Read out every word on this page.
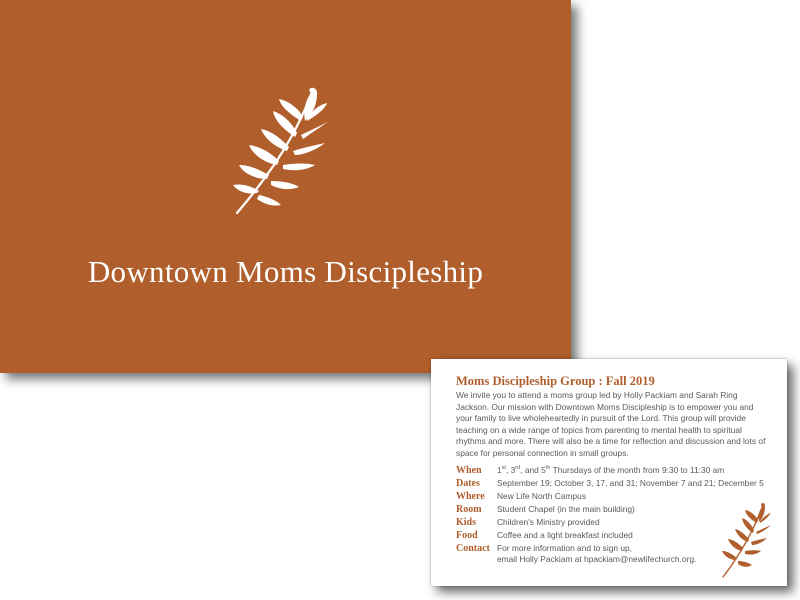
Downtown Moms Discipleship
Moms Discipleship Group : Fall 2019
We invite you to attend a moms group led by Holly Packiam and Sarah Ring Jackson. Our mission with Downtown Moms Discipleship is to empower you and your family to live wholeheartedly in pursuit of the Lord. This group will provide teaching on a wide range of topics from parenting to mental health to spiritual rhythms and more. There will also be a time for reflection and discussion and lots of space for personal connection in small groups.
When	1st, 3rd, and 5th Thursdays of the month from 9:30 to 11:30 am
Dates	September 19; October 3, 17, and 31; November 7 and 21; December 5
Where	New Life North Campus
Room	Student Chapel (in the main building)
Kids	Children's Ministry provided
Food	Coffee and a light breakfast included
Contact For more information and to sign up,
email Holly Packiam at hpackiam@newlifechurch.org.
